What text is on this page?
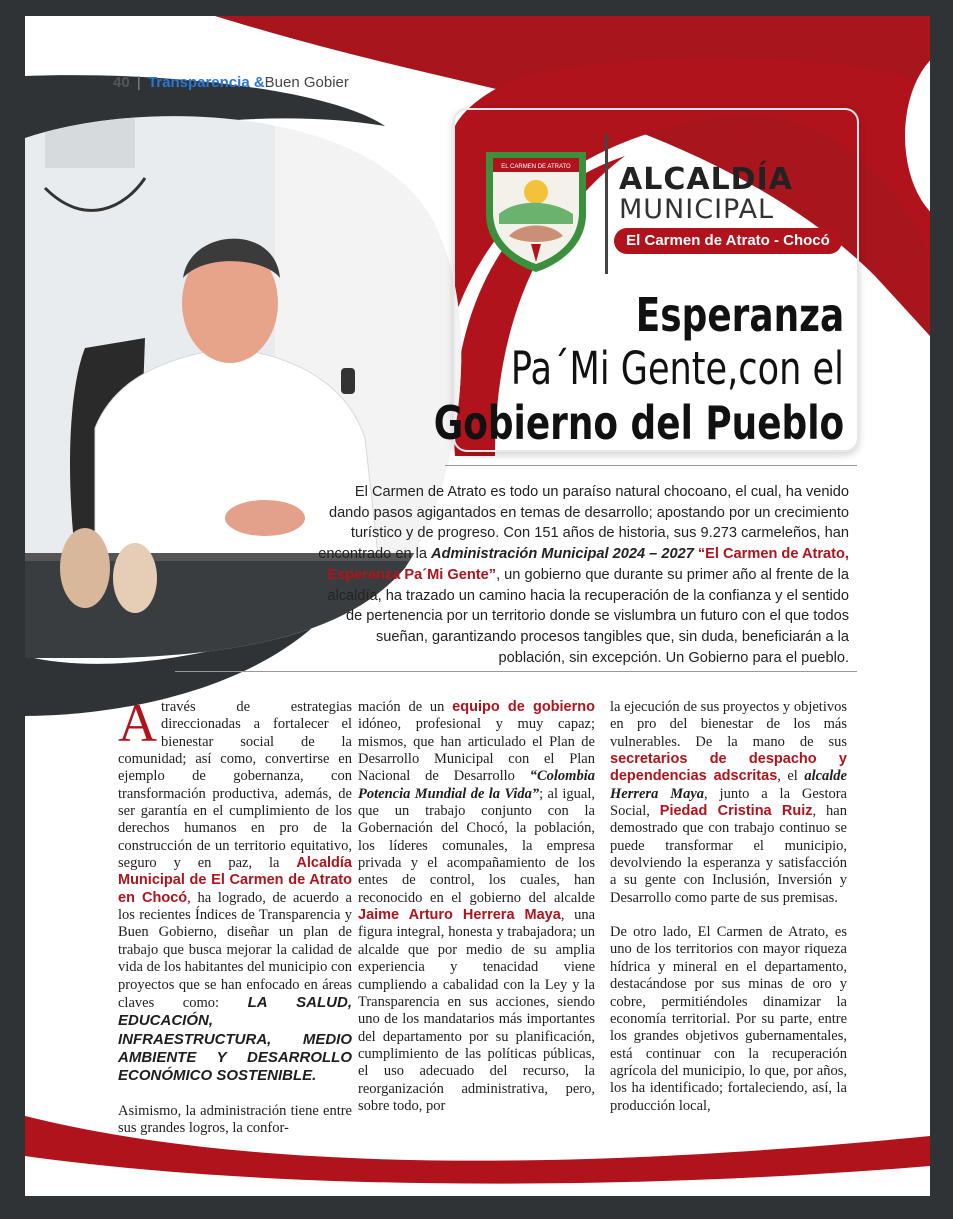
40 | Transparencia &Buen Gobier
EL CARMEN DE ATRATO ALCALDÍA
MUNICIPAL
El Carmen de Atrato - Chocó
Esperanza
Pa´Mi Gente,con el
Gobierno del Pueblo
El Carmen de Atrato es todo un paraíso natural chocoano, el cual, ha venido dando pasos agigantados en temas de desarrollo; apostando por un crecimiento turístico y de progreso. Con 151 años de historia, sus 9.273 carmeleños, han encontrado en la Administración Municipal 2024 – 2027 “El Carmen de Atrato, Esperanza Pa´Mi Gente”, un gobierno que durante su primer año al frente de la alcaldía, ha trazado un camino hacia la recuperación de la confianza y el sentido de pertenencia por un territorio donde se vislumbra un futuro con el que todos sueñan, garantizando procesos tangibles que, sin duda, beneficiarán a la población, sin excepción. Un Gobierno para el pueblo.

Através de estrategias direccionadas a fortalecer el bienestar social de la comunidad; así como, convertirse en ejemplo de gobernanza, con transformación productiva, además, de ser garantía en el cumplimiento de los derechos humanos en pro de la construcción de un territorio equitativo, seguro y en paz, la Alcaldía Municipal de El Carmen de Atrato en Chocó, ha logrado, de acuerdo a los recientes Índices de Transparencia y Buen Gobierno, diseñar un plan de trabajo que busca mejorar la calidad de vida de los habitantes del municipio con proyectos que se han enfocado en áreas claves como: LA SALUD, EDUCACIÓN, INFRAESTRUCTURA, MEDIO AMBIENTE Y DESARROLLO ECONÓMICO SOSTENIBLE.

Asimismo, la administración tiene entre sus grandes logros, la confor-

mación de un equipo de gobierno idóneo, profesional y muy capaz; mismos, que han articulado el Plan de Desarrollo Municipal con el Plan Nacional de Desarrollo “Colombia Potencia Mundial de la Vida”; al igual, que un trabajo conjunto con la Gobernación del Chocó, la población, los líderes comunales, la empresa privada y el acompañamiento de los entes de control, los cuales, han reconocido en el gobierno del alcalde Jaime Arturo Herrera Maya, una figura integral, honesta y trabajadora; un alcalde que por medio de su amplia experiencia y tenacidad viene cumpliendo a cabalidad con la Ley y la Transparencia en sus acciones, siendo uno de los mandatarios más importantes del departamento por su planificación, cumplimiento de las políticas públicas, el uso adecuado del recurso, la reorganización administrativa, pero, sobre todo, por

la ejecución de sus proyectos y objetivos en pro del bienestar de los más vulnerables. De la mano de sus secretarios de despacho y dependencias adscritas, el alcalde Herrera Maya, junto a la Gestora Social, Piedad Cristina Ruiz, han demostrado que con trabajo continuo se puede transformar el municipio, devolviendo la esperanza y satisfacción a su gente con Inclusión, Inversión y Desarrollo como parte de sus premisas.

De otro lado, El Carmen de Atrato, es uno de los territorios con mayor riqueza hídrica y mineral en el departamento, destacándose por sus minas de oro y cobre, permitiéndoles dinamizar la economía territorial. Por su parte, entre los grandes objetivos gubernamentales, está continuar con la recuperación agrícola del municipio, lo que, por años, los ha identificado; fortaleciendo, así, la producción local,
